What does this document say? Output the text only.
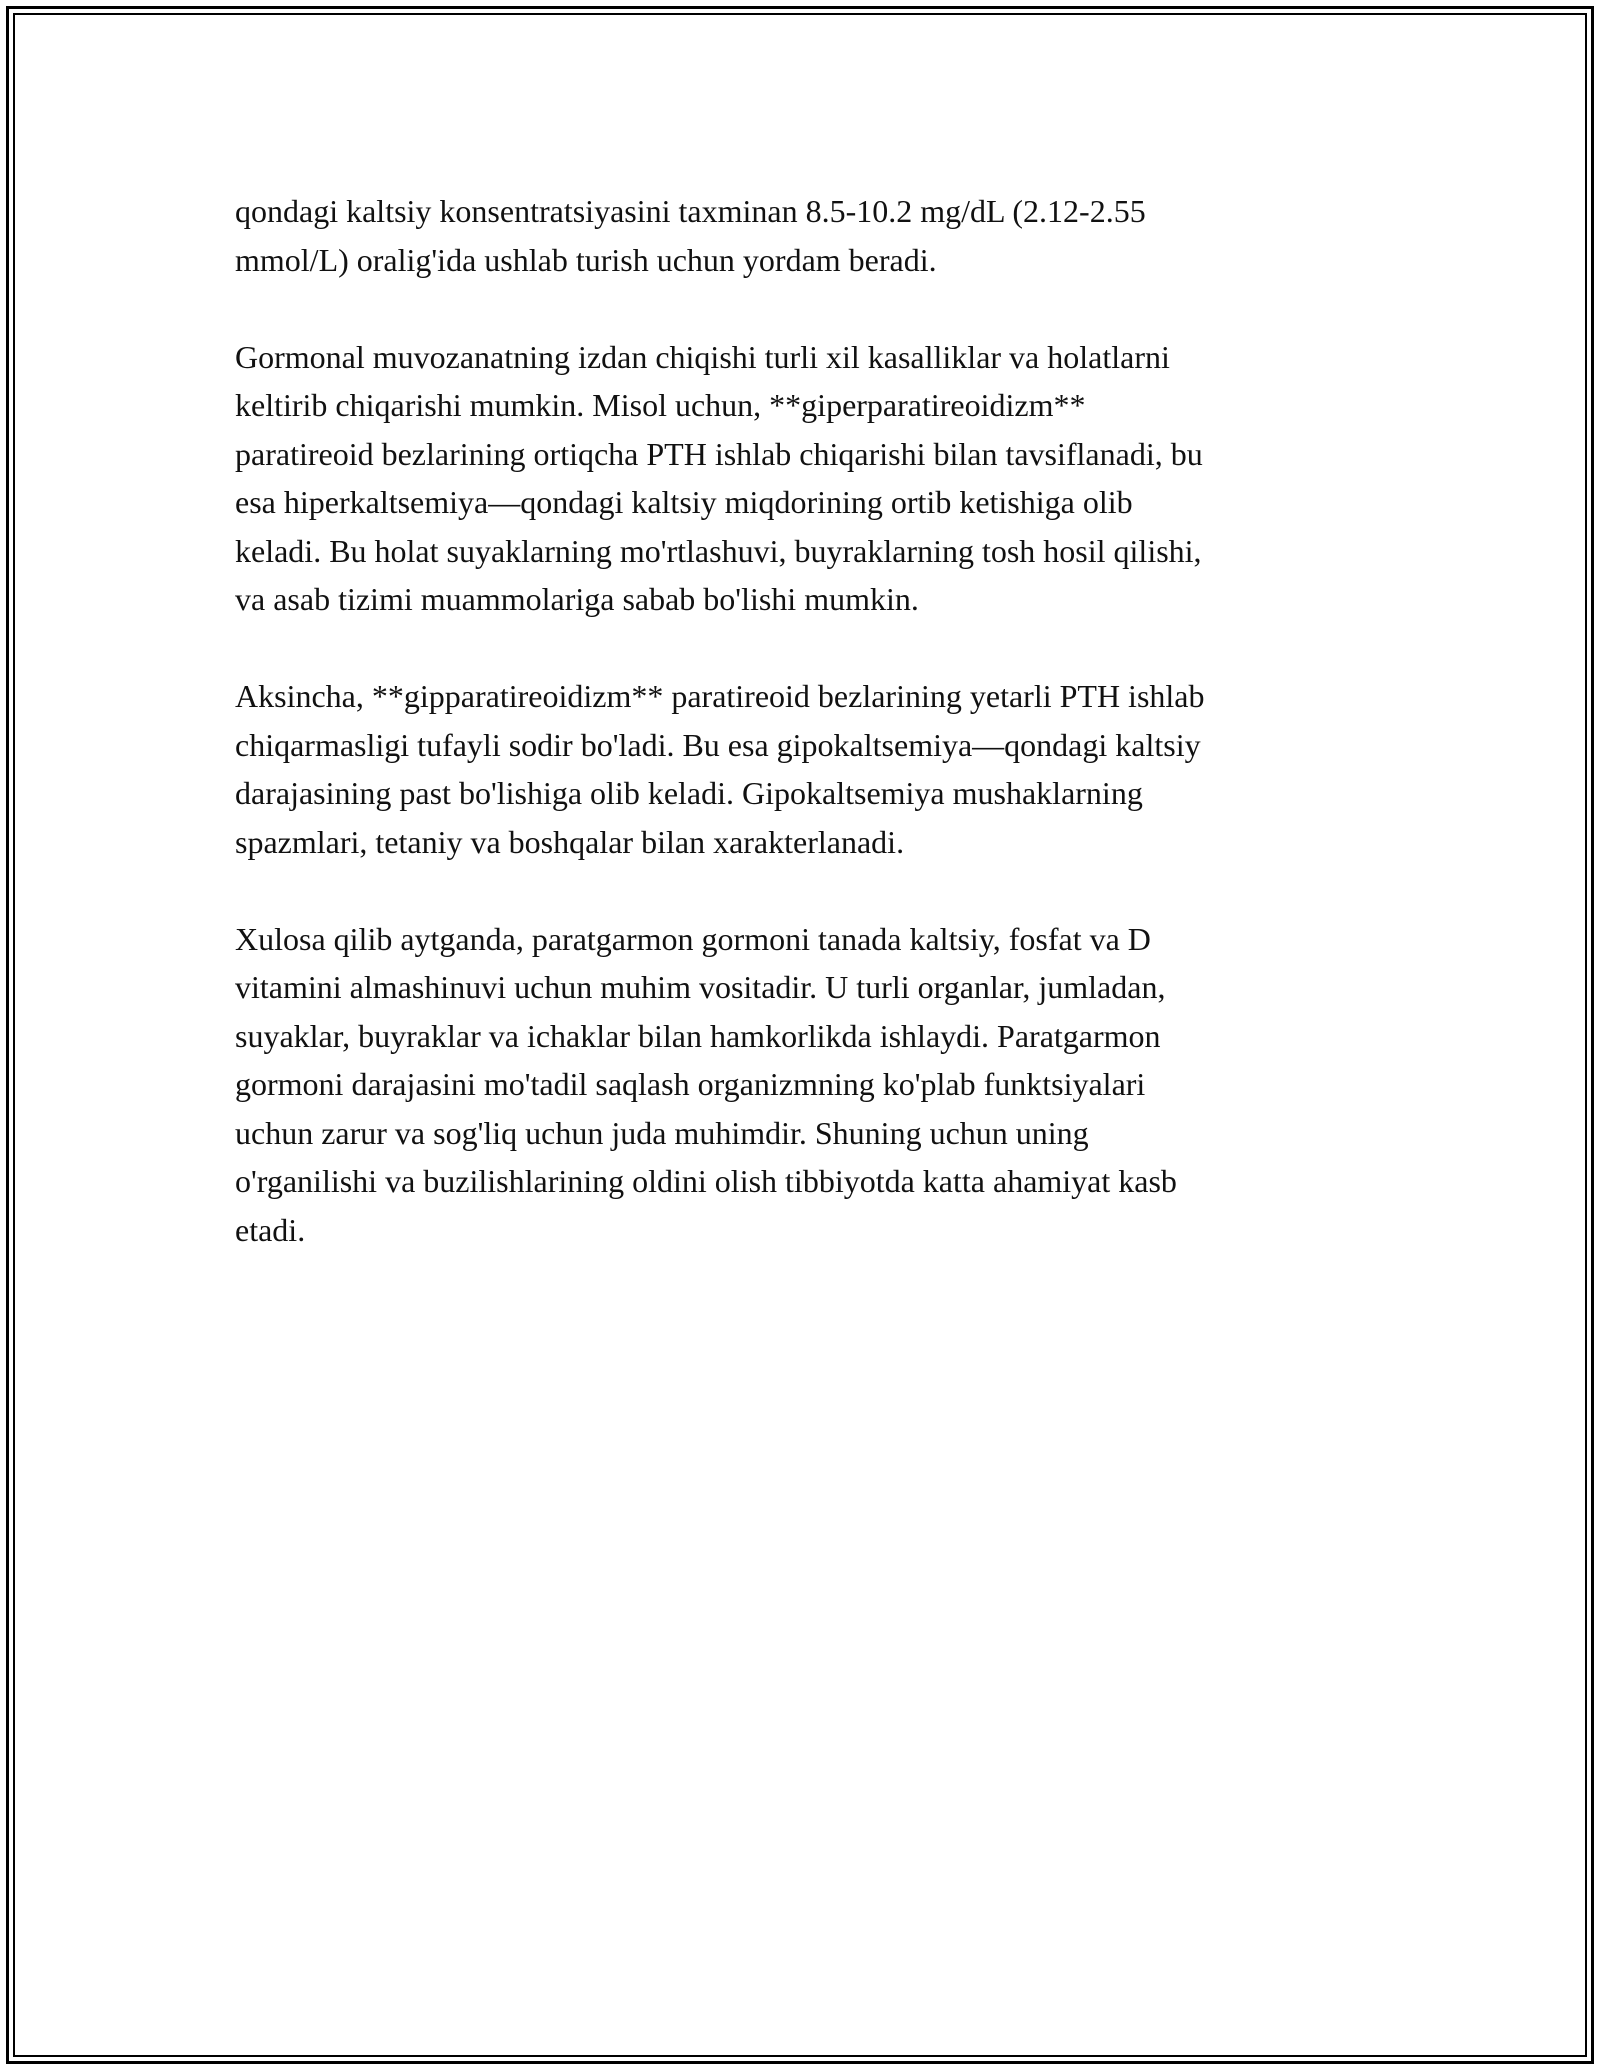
qondagi kaltsiy konsentratsiyasini taxminan 8.5-10.2 mg/dL (2.12-2.55
mmol/L) oralig'ida ushlab turish uchun yordam beradi.

Gormonal muvozanatning izdan chiqishi turli xil kasalliklar va holatlarni
keltirib chiqarishi mumkin. Misol uchun, **giperparatireoidizm**
paratireoid bezlarining ortiqcha PTH ishlab chiqarishi bilan tavsiflanadi, bu
esa hiperkaltsemiya—qondagi kaltsiy miqdorining ortib ketishiga olib
keladi. Bu holat suyaklarning mo'rtlashuvi, buyraklarning tosh hosil qilishi,
va asab tizimi muammolariga sabab bo'lishi mumkin.

Aksincha, **gipparatireoidizm** paratireoid bezlarining yetarli PTH ishlab
chiqarmasligi tufayli sodir bo'ladi. Bu esa gipokaltsemiya—qondagi kaltsiy
darajasining past bo'lishiga olib keladi. Gipokaltsemiya mushaklarning
spazmlari, tetaniy va boshqalar bilan xarakterlanadi.

Xulosa qilib aytganda, paratgarmon gormoni tanada kaltsiy, fosfat va D
vitamini almashinuvi uchun muhim vositadir. U turli organlar, jumladan,
suyaklar, buyraklar va ichaklar bilan hamkorlikda ishlaydi. Paratgarmon
gormoni darajasini mo'tadil saqlash organizmning ko'plab funktsiyalari
uchun zarur va sog'liq uchun juda muhimdir. Shuning uchun uning
o'rganilishi va buzilishlarining oldini olish tibbiyotda katta ahamiyat kasb
etadi.
